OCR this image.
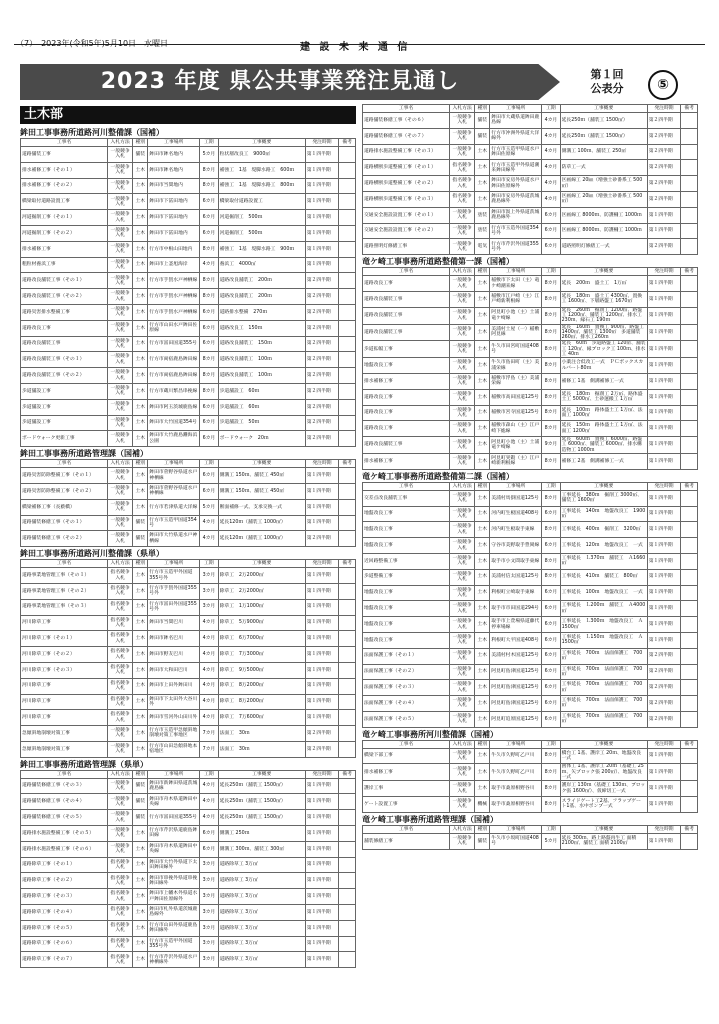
（7）　2023年(令和5年)5月10日　水曜日	建 設 未 来 通 信
2023 年度 県公共事業発注見通し	第１回
公表分	⑤
土木部
鉾田工事事務所道路河川整備課（国補）
工事名	入札方法	種別	工事場所	工期	工事概要	発注時期	備考
道路舗装工事	一般競争入札	舗装	鉾田市鉾名地内	5カ月	粒状層改良工　9000㎡	第１四半期	
排水補修工事（その１）	一般競争入札	土木	鉾田市鉾名地内	8カ月	補強工　1基　堤脚水路工　600ｍ	第１四半期	
排水補修工事（その２）	一般競争入札	土木	鉾田市当間地内	8カ月	補強工　1基　堤脚水路工　800ｍ	第１四半期	
橋梁取付道路設置工事	一般競争入札	土木	鉾田市下冨田地内	6カ月	橋梁取付道路設置工	第１四半期	
河道掘削工事（その１）	一般競争入札	土木	鉾田市下冨田地内	6カ月	河道掘削工　500ｍ	第１四半期	
河道掘削工事（その２）	一般競争入札	土木	鉾田市下冨田地内	6カ月	河道掘削工　500ｍ	第１四半期	
排水補修工事	一般競争入札	土木	行方市中根山田地内	8カ月	補強工　1基　堤脚水路工　900ｍ	第１四半期	
粗粒材養浜工事	一般競争入札	土木	鉾田市上釜旭海岸	4カ月	養浜工　4000㎥	第１四半期	
道路改良舗装工事（その１）	一般競争入札	土木	行方市手賀水戸神栖線	8カ月	道路改良舗装工　200ｍ	第２四半期	
道路改良舗装工事（その２）	一般競争入札	土木	行方市手賀水戸神栖線	8カ月	道路改良舗装工　200ｍ	第２四半期	
道路災害排水整備工事	一般競争入札	土木	行方市手賀水戸神栖線	6カ月	道路排水整備　270ｍ	第２四半期	
道路改良工事	一般競争入札	土木	行方市山田水戸鉾田佐原線	6カ月	道路改良工　150ｍ	第２四半期	
道路改良舗装工事	一般競争入札	土木	行方市富田国道355号	6カ月	道路改良舗装工　150ｍ	第２四半期	
道路改良舗装工事（その１）	一般競争入札	土木	行方市両宿鹿島鉾田線	8カ月	道路改良舗装工　100ｍ	第２四半期	
道路改良舗装工事（その２）	一般競争入札	土木	行方市両宿鹿島鉾田線	8カ月	道路改良舗装工　100ｍ	第２四半期	
歩道舗設工事	一般競争入札	土木	行方市蔵川繁昌串挽線	8カ月	歩道舗設工　60ｍ	第２四半期	
歩道舗設工事	一般競争入札	土木	鉾田市阿玉茨城鹿島線	6カ月	歩道舗設工　60ｍ	第２四半期	
歩道舗設工事	一般競争入札	土木	鉾田市大竹国道354号	6カ月	歩道舗設工　50ｍ	第２四半期	
ボードウォーク更新工事	一般競争入札	土木	鉾田市大竹鹿島灘海浜公園	6カ月	ボードウォーク　20ｍ	第２四半期	
鉾田工事事務所道路管理課（国補）
工事名	入札方法	種別	工事場所	工期	工事概要	発注時期	備考
道路災害防除整備工事（その１）	一般競争入札	土木	鉾田市菅野谷県道水戸神栖線	6カ月	側溝工 150ｍ、舗装工 450㎡	第１四半期	
道路災害防除整備工事（その２）	一般競争入札	土木	鉾田市菅野谷県道水戸神栖線	6カ月	側溝工 150ｍ、舗装工 450㎡	第１四半期	
橋梁補修工事（長薮橋）	一般競争入札	土木	行方市若津県道大洋線	5カ月	断面補修一式、支承交換一式	第１四半期	
道路舗装修繕工事（その１）	一般競争入札	舗装	行方市玉造甲国道354号	4カ月	延長120ｍ（舗装工 1000㎡）	第１四半期	
道路舗装修繕工事（その２）	一般競争入札	舗装	鉾田市大竹県道水戸神栖線	4カ月	延長120ｍ（舗装工 1000㎡）	第２四半期	
鉾田工事事務所道路河川整備課（県単）
工事名	入札方法	種別	工事場所	工期	工事概要	発注時期	備考
道路事業地管理工事（その１）	指名競争入札	土木	行方市玉造甲外国道355号外	3カ月	除草工　2万2000㎡	第１四半期	
道路事業地管理工事（その２）	指名競争入札	土木	行方市手賀外国道355号外	3カ月	除草工　2万2000㎡	第１四半期	
道路事業地管理工事（その３）	指名競争入札	土木	行方市富田外国道355号外	3カ月	除草工　1万1000㎡	第１四半期	
河川除草工事	指名競争入札	土木	鉾田市当間巴川	4カ月	除草工　5万9000㎡	第１四半期	
河川除草工事（その１）	指名競争入札	土木	鉾田市鉾名巴川	4カ月	除草工　6万7000㎡	第１四半期	
河川除草工事（その２）	指名競争入札	土木	鉾田市野友巴川	4カ月	除草工　7万3000㎡	第１四半期	
河川除草工事（その３）	指名競争入札	土木	鉾田市大和田巴川	4カ月	除草工　9万5000㎡	第１四半期	
河川除草工事	指名競争入札	土木	鉾田市上田外鉾田川	4カ月	除草工　8万2000㎡	第１四半期	
河川除草工事	指名競争入札	土木	鉾田市下太田外大谷川外	4カ月	除草工　8万2000㎡	第１四半期	
河川除草工事	指名競争入札	土木	鉾田市雪河外山田川外	4カ月	除草工　7万6000㎡	第１四半期	
急傾斜地崩壊対策工事	一般競争入札	土木	行方市玉造甲急傾斜地崩壊対策工事地区	7カ月	法面工　30ｍ	第２四半期	
急傾斜地崩壊対策工事	一般競争入札	土木	行方市山田急傾斜地本宿地区	7カ月	法面工　30ｍ	第２四半期	
鉾田工事事務所道路管理課（県単）
工事名	入札方法	種別	工事場所	工期	工事概要	発注時期	備考
道路舗装修繕工事（その３）	一般競争入札	舗装	鉾田市新鉾田県道茨城鹿島線	4カ月	延長250ｍ（舗装工 1500㎡）	第１四半期	
道路舗装修繕工事（その４）	一般競争入札	舗装	鉾田市舟木県道鉾田中央線	4カ月	延長250ｍ（舗装工 1500㎡）	第１四半期	
道路舗装修繕工事（その５）	一般競争入札	舗装	行方市富田国道355号	4カ月	延長250ｍ（舗装工 1500㎡）	第１四半期	
道路排水施設整備工事（その５）	一般競争入札	土木	行方市芹沢県道鹿島鉾田線	6カ月	側溝工 250ｍ	第１四半期	
道路排水施設整備工事（その６）	一般競争入札	土木	鉾田市舟木県道鉾田中央線	6カ月	側溝工 300ｍ、舗装工 300㎡	第１四半期	
道路除草工事（その１）	指名競争入札	土木	鉾田市大竹外県道下太田鉾田線外	3カ月	道路除草工 3万㎡	第１四半期	
道路除草工事（その２）	指名競争入札	土木	鉾田市串挽外県道串挽鉾田線外	3カ月	道路除草工 3万㎡	第１四半期	
道路除草工事（その３）	指名競争入札	土木	鉾田市上幡木外県道水戸鉾田佐原線外	3カ月	道路除草工 3万㎡	第１四半期	
道路除草工事（その４）	指名競争入札	土木	鉾田市札外県道茨城鹿島線外	3カ月	道路除草工 3万㎡	第１四半期	
道路除草工事（その５）	指名競争入札	土木	行方市山田外県道鹿島鉾田線外	3カ月	道路除草工 3万㎡	第１四半期	
道路除草工事（その６）	指名競争入札	土木	行方市玉造甲外国道355号外	3カ月	道路除草工 3万㎡	第１四半期	
道路除草工事（その７）	指名競争入札	土木	行方市芹沢外県道水戸神栖線外	3カ月	道路除草工 3万㎡	第１四半期	
工事名	入札方法	種別	工事場所	工期	工事概要	発注時期	備考
道路舗装修繕工事（その６）	一般競争入札	舗装	鉾田市大蔵県道鉾田鹿島線	4カ月	延長250ｍ（舗装工 1500㎡）	第２四半期	
道路舗装修繕工事（その７）	一般競争入札	舗装	行方市沖洲外県道大洋線外	4カ月	延長250ｍ（舗装工 1500㎡）	第２四半期	
道路排水施設整備工事（その３）	一般競争入札	土木	行方市玉造甲県道水戸鉾田佐原線	4カ月	側溝工 100ｍ、舗装工 250㎡	第２四半期	
道路横断歩道整備工事（その１）	指名競争入札	土木	行方市玉造甲外県道潮来鉾田線外	4カ月	防草工一式	第２四半期	
道路横断歩道整備工事（その２）	指名競争入札	土木	鉾田市安房外県道水戸鉾田佐原線外	4カ月	区画線工 20㎞（増強土砂番系工 500㎡）	第２四半期	
道路横断歩道整備工事（その３）	指名競争入札	土木	鉾田市安房外県道茨城鹿島線外	4カ月	区画線工 20㎞（増強土砂番系工 500㎡）	第２四半期	
交通安全施設設置工事（その１）	一般競争入札	塗装	鉾田市汲上外県道茨城鹿島線外	6カ月	区画線工 8000ｍ、防護柵工 1000ｍ	第１四半期	
交通安全施設設置工事（その２）	一般競争入札	塗装	行方市玉造外国道354号外	6カ月	区画線工 8000ｍ、防護柵工 1000ｍ	第１四半期	
道路照明灯修繕工事	一般競争入札	電気	行方市芹沢外国道355号外	6カ月	道路照明灯修繕工一式	第２四半期	
竜ケ崎工事事務所道路整備第一課（国補）
工事名	入札方法	種別	工事場所	工期	工事概要	発注時期	備考
道路改良工事	一般競争入札	土木	稲敷市下太田（主）竜ケ崎潮来線	8カ月	延長　200ｍ　盛土工　1万㎥	第１四半期	
道路改良舗装工事	一般競争入札	土木	稲敷市江戸崎（主）江戸崎新利根線	8カ月	延長　180ｍ　盛土工 4300㎥、置換工 1600㎥、下層路盤工 1670㎡	第１四半期	
道路改良舗装工事	一般競争入札	土木	阿見町小池（主）土浦竜ケ崎線	8カ月	延長　260ｍ　掘削工 1200㎥、路盤工 1200㎡、舗装工 1200㎡、排水工 230ｍ、縁石工 190ｍ	第１四半期	
道路改良舗装工事	一般競争入札	土木	美浦村土屋（一）稲敷阿見線	8カ月	延長　160ｍ　置換工 900㎥、路盤工 1400㎡、舗装工 1300㎡　多道舗装260㎡、排水工260ｍ	第１四半期	
歩道拡幅工事	一般競争入札	土木	牛久市田宮町国道408号	8カ月	延長　60ｍ　歩道路盤工 120㎡、舗装工 120㎡、縁ブロック工 100ｍ、排水工 40ｍ	第１四半期	
地盤改良工事	一般競争入札	土木	牛久市島田町（主）美浦栄線	8カ月	小薬注合低改工一式　ＰＣボックスカルバート80ｍ	第１四半期	
排水補修工事	一般競争入札	土木	稲敷市浮島（主）美浦栄線	8カ月	補修工 1基　側溝補修工一式	第１四半期	
道路改良工事	一般競争入札	土木	稲敷市高田国道125号	8カ月	延長　180ｍ　掘削工 2万㎥、路体盛土工 5000㎥、土砂運搬工 1万㎥	第１四半期	
道路改良工事	一般競争入札	土木	稲敷市宮寺国道125号	8カ月	延長　100ｍ　路体盛土工 1万㎥、法面工 1000㎡	第１四半期	
道路改良工事	一般競争入札	土木	稲敷市森山（主）江戸崎下総線	8カ月	延長　150ｍ　路体盛土工 1万㎥、法面工 1200㎡	第１四半期	
道路改良舗装工事	一般競争入札	土木	阿見町小池（主）土浦竜ケ崎線	9カ月	延長　600ｍ　置換工 6000㎥、路盤工 6000㎡、舗装工 6000㎡、排水構造物工 1000ｍ	第１四半期	
排水補修工事	一般競争入札	土木	阿見町実穀（主）江戸崎新利根線	8カ月	補修工 2基　側溝補修工一式	第１四半期	
竜ケ崎工事事務所道路整備第二課（国補）
工事名	入札方法	種別	工事場所	工期	工事概要	発注時期	備考
交差点改良舗装工事	一般競争入札	土木	美浦村馬掛国道125号	8カ月	工事延長　380ｍ　掘削工 3000㎥、舗装工 1600㎡	第１四半期	
地盤改良工事	一般競争入札	土木	河内町生板国道408号	6カ月	工事延長　140ｍ　地盤改良工　1900㎥	第１四半期	
地盤改良工事	一般競争入札	土木	河内町生板取手東線	8カ月	工事延長　400ｍ　掘削工　3200㎥	第１四半期	
地盤改良工事	一般競争入札	土木	守谷市美野取手豊岡線	6カ月	工事延長　120ｍ　地盤改良工　一式	第１四半期	
近回路整備工事	一般競争入札	土木	取手市小文間取手東線	8カ月	工事延長　Ｌ370ｍ　舗装工　Ａ1660㎡	第１四半期	
歩道整備工事	一般競争入札	土木	美浦村信太国道125号	8カ月	工事延長　410ｍ　舗装工　800㎡	第１四半期	
地盤改良工事	一般競争入札	土木	利根町立崎取手東線	6カ月	工事延長　100ｍ　地盤改良工　一式	第１四半期	
地盤改良工事	一般競争入札	土木	取手市市田国道294号	6カ月	工事延長　Ｌ200ｍ　舗装工　Ａ4000㎡	第１四半期	
地盤改良工事	一般競争入札	土木	取手市上萱場県道藤代停車場線	6カ月	工事延長　Ｌ300ｍ　地盤改良工　Ａ1500㎡	第１四半期	
地盤改良工事	一般競争入札	土木	利根町大平国道408号	6カ月	工事延長　Ｌ150ｍ　地盤改良工　Ａ1500㎡	第１四半期	
法面保護工事（その１）	一般競争入札	土木	美浦村村木国道125号	6カ月	工事延長　700ｍ　法面保護工　700㎡	第２四半期	
法面保護工事（その２）	一般競争入札	土木	阿見町島津国道125号	6カ月	工事延長　700ｍ　法面保護工　700㎡	第２四半期	
法面保護工事（その３）	一般競争入札	土木	阿見町島津国道125号	6カ月	工事延長　700ｍ　法面保護工　700㎡	第２四半期	
法面保護工事（その４）	一般競争入札	土木	阿見町島津国道125号	6カ月	工事延長　700ｍ　法面保護工　700㎡	第２四半期	
法面保護工事（その５）	一般競争入札	土木	阿見町追原国道125号	6カ月	工事延長　700ｍ　法面保護工　700㎡	第２四半期	
竜ケ崎工事事務所河川整備課（国補）
工事名	入札方法	種別	工事場所	工期	工事概要	発注時期	備考
橋梁下部工事	一般競争入札	土木	牛久市久野町乙戸川	8カ月	橋台工 1基、護岸工 20ｍ、地盤改良一式	第１四半期	
排水補修工事	一般競争入札	土木	牛久市久野町乙戸川	8カ月	函体工 1基、護岸工 20ｍ（基礎工 25ｍ、矢プロック張 200㎡）、地盤改良一式	第１四半期	
護岸工事	一般競争入札	土木	取手市桑原相野谷川	8カ月	護岸工 130ｍ（基礎工 130ｍ、ブロック張 1600㎡）、仮締切工一式	第１四半期	
ゲート設置工事	一般競争入札	機械	取手市桑原相野谷川	8カ月	スライドゲート工2基、フラップゲート1基、水中ポンプ一式	第１四半期	
竜ケ崎工事事務所道路管理課（国補）
工事名	入札方法	種別	工事場所	工期	工事概要	発注時期	備考
舗装修繕工事	一般競争入札	舗装	牛久市小坂町国道408号	5カ月	延長 300ｍ、路上路盤再生工 面積 2100㎡、舗装工 面積 2100㎡	第１四半期	
